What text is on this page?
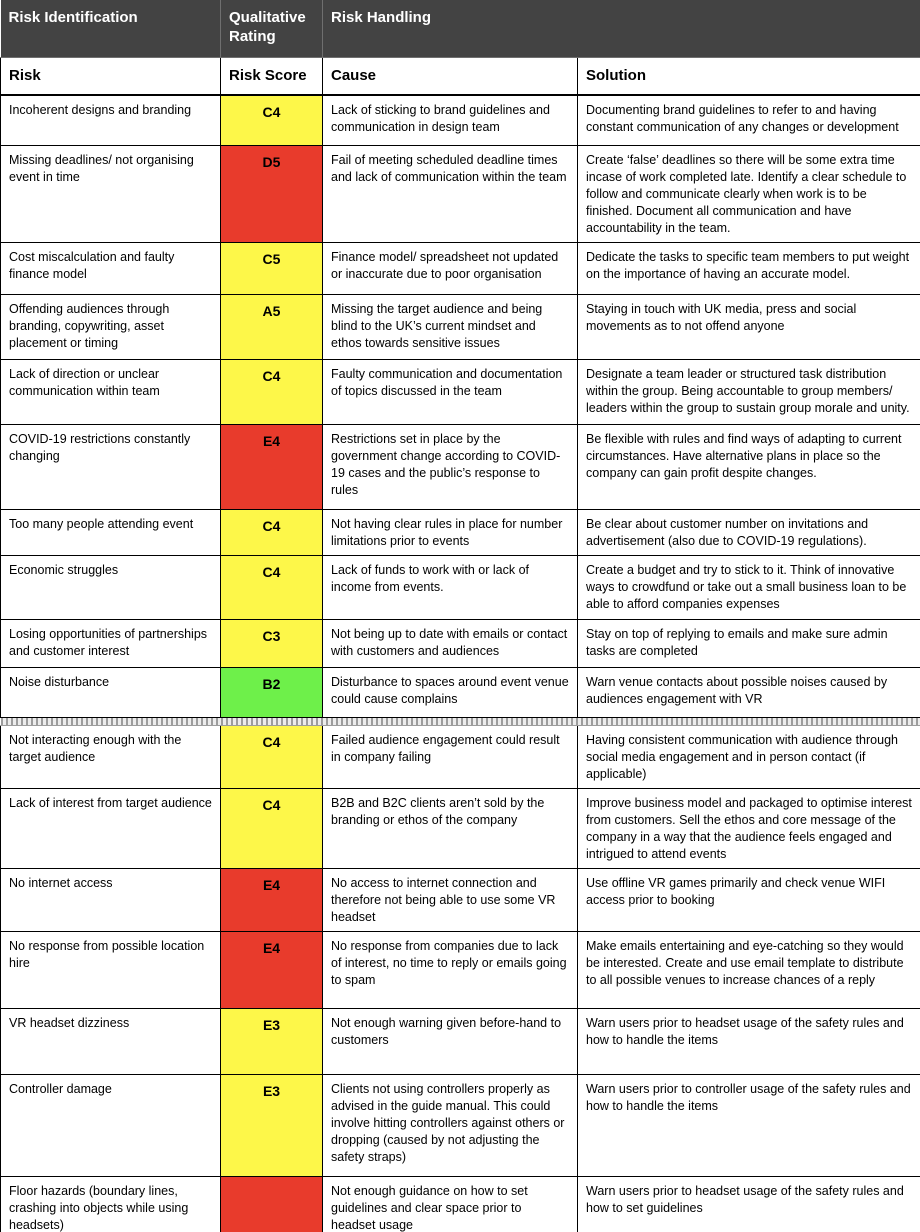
Risk Identification	Qualitative Rating	Risk Handling	
Risk	Risk Score	Cause	Solution
Incoherent designs and branding	C4	Lack of sticking to brand guidelines and communication in design team	Documenting brand guidelines to refer to and having constant communication of any changes or development
Missing deadlines/ not organising event in time	D5	Fail of meeting scheduled deadline times and lack of communication within the team	Create ‘false’ deadlines so there will be some extra time incase of work completed late. Identify a clear schedule to follow and communicate clearly when work is to be finished. Document all communication and have accountability in the team.
Cost miscalculation and faulty finance model	C5	Finance model/ spreadsheet not updated or inaccurate due to poor organisation	Dedicate the tasks to specific team members to put weight on the importance of having an accurate model.
Offending audiences through branding, copywriting, asset placement or timing	A5	Missing the target audience and being blind to the UK’s current mindset and ethos towards sensitive issues	Staying in touch with UK media, press and social movements as to not offend anyone
Lack of direction or unclear communication within team	C4	Faulty communication and documentation of topics discussed in the team	Designate a team leader or structured task distribution within the group. Being accountable to group members/ leaders within the group to sustain group morale and unity.
COVID-19 restrictions constantly changing	E4	Restrictions set in place by the government change according to COVID-19 cases and the public’s response to rules	Be flexible with rules and find ways of adapting to current circumstances. Have alternative plans in place so the company can gain profit despite changes.
Too many people attending event	C4	Not having clear rules in place for number limitations prior to events	Be clear about customer number on invitations and advertisement (also due to COVID-19 regulations).
Economic struggles	C4	Lack of funds to work with or lack of income from events.	Create a budget and try to stick to it. Think of innovative ways to crowdfund or take out a small business loan to be able to afford companies expenses
Losing opportunities of partnerships and customer interest	C3	Not being up to date with emails or contact with customers and audiences	Stay on top of replying to emails and make sure admin tasks are completed
Noise disturbance	B2	Disturbance to spaces around event venue could cause complains	Warn venue contacts about possible noises caused by audiences engagement with VR

Not interacting enough with the target audience	C4	Failed audience engagement could result in company failing	Having consistent communication with audience through social media engagement and in person contact (if applicable)
Lack of interest from target audience	C4	B2B and B2C clients aren’t sold by the branding or ethos of the company	Improve business model and packaged to optimise interest from customers. Sell the ethos and core message of the company in a way that the audience feels engaged and intrigued to attend events
No internet access	E4	No access to internet connection and therefore not being able to use some VR headset	Use offline VR games primarily and check venue WIFI access prior to booking
No response from possible location hire	E4	No response from companies due to lack of interest, no time to reply or emails going to spam	Make emails entertaining and eye-catching so they would be interested. Create and use email template to distribute to all possible venues to increase chances of a reply
VR headset dizziness	E3	Not enough warning given before-hand to customers	Warn users prior to headset usage of the safety rules and how to handle the items
Controller damage	E3	Clients not using controllers properly as advised in the guide manual. This could involve hitting controllers against others or dropping (caused by not adjusting the safety straps)	Warn users prior to controller usage of the safety rules and how to handle the items
Floor hazards (boundary lines, crashing into objects while using headsets)		Not enough guidance on how to set guidelines and clear space prior to headset usage	Warn users prior to headset usage of the safety rules and how to set guidelines
